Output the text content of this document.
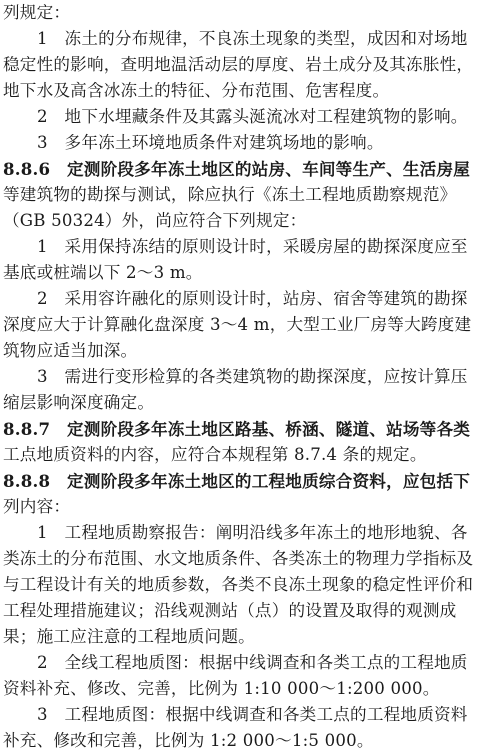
列规定：
1　冻土的分布规律，不良冻土现象的类型，成因和对场地
稳定性的影响，查明地温活动层的厚度、岩土成分及其冻胀性，
地下水及高含冰冻土的特征、分布范围、危害程度。
2　地下水埋藏条件及其露头涎流冰对工程建筑物的影响。
3　多年冻土环境地质条件对建筑场地的影响。
8.8.6　定测阶段多年冻土地区的站房、车间等生产、生活房屋
等建筑物的勘探与测试，除应执行《冻土工程地质勘察规范》
（GB 50324）外，尚应符合下列规定：
1　采用保持冻结的原则设计时，采暖房屋的勘探深度应至
基底或桩端以下 2～3 m。
2　采用容许融化的原则设计时，站房、宿舍等建筑的勘探
深度应大于计算融化盘深度 3～4 m，大型工业厂房等大跨度建
筑物应适当加深。
3　需进行变形检算的各类建筑物的勘探深度，应按计算压
缩层影响深度确定。
8.8.7　定测阶段多年冻土地区路基、桥涵、隧道、站场等各类
工点地质资料的内容，应符合本规程第 8.7.4 条的规定。
8.8.8　定测阶段多年冻土地区的工程地质综合资料，应包括下
列内容：
1　工程地质勘察报告：阐明沿线多年冻土的地形地貌、各
类冻土的分布范围、水文地质条件、各类冻土的物理力学指标及
与工程设计有关的地质参数，各类不良冻土现象的稳定性评价和
工程处理措施建议；沿线观测站（点）的设置及取得的观测成
果；施工应注意的工程地质问题。
2　全线工程地质图：根据中线调查和各类工点的工程地质
资料补充、修改、完善，比例为 1:10 000～1:200 000。
3　工程地质图：根据中线调查和各类工点的工程地质资料
补充、修改和完善，比例为 1:2 000～1:5 000。
